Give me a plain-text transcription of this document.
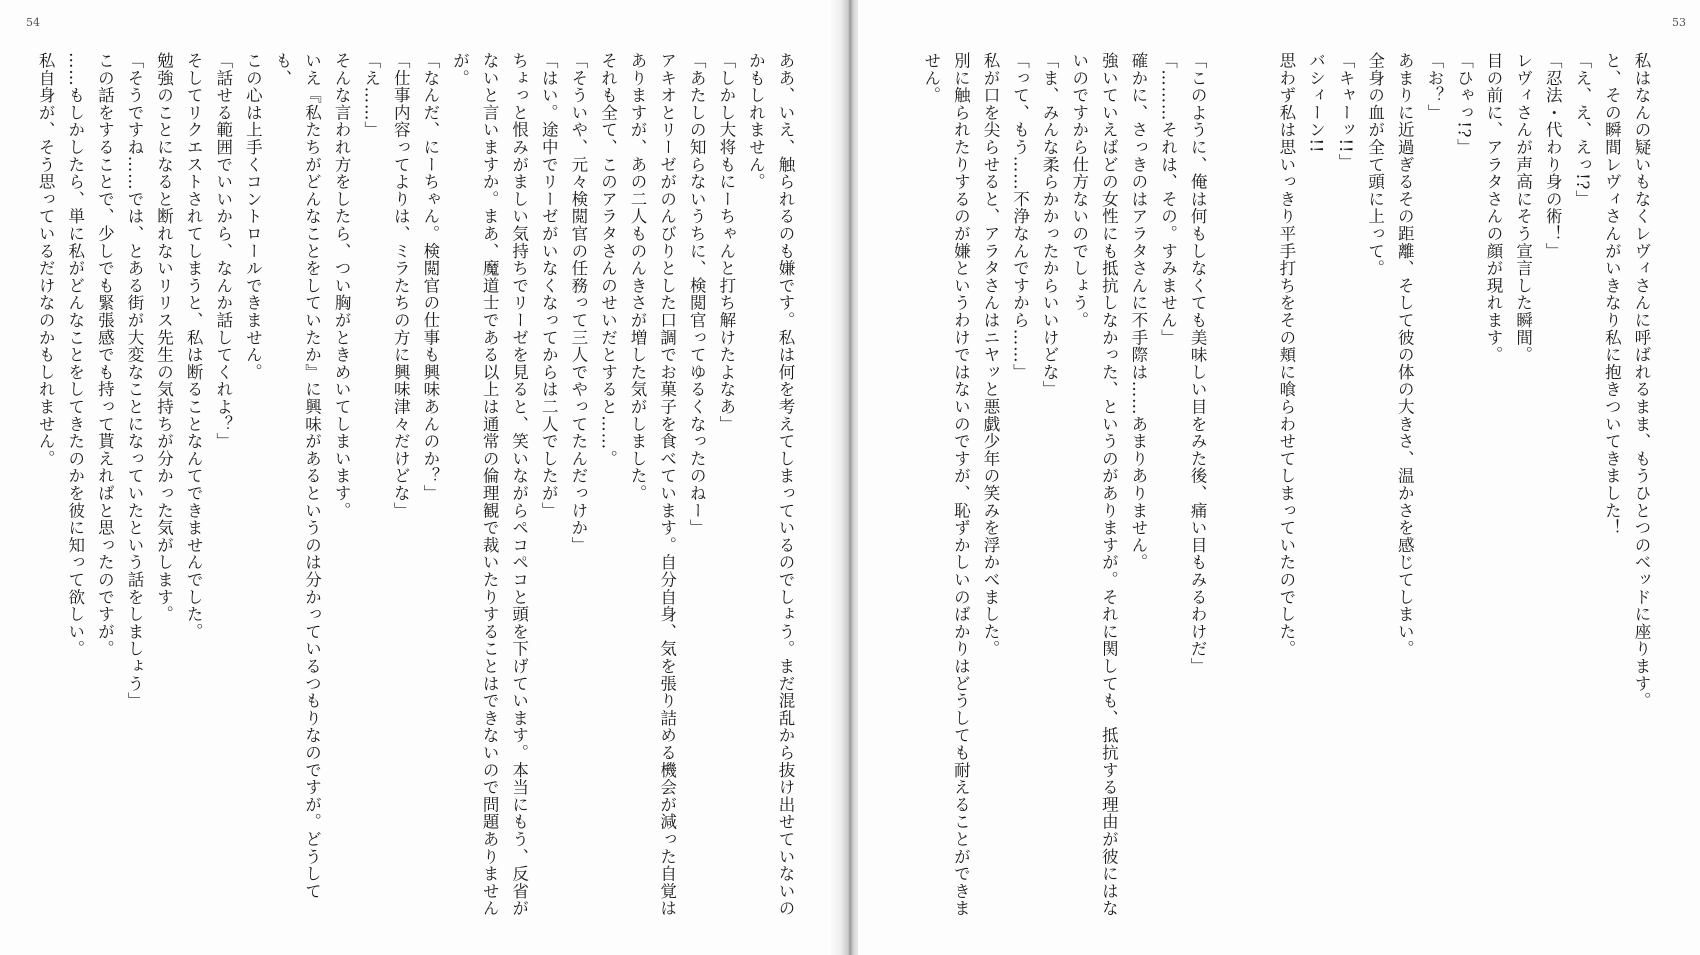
54
ああ、いえ、触られるのも嫌です。私は何を考えてしまっているのでしょう。まだ混乱から抜け出せていないの
かもしれません。
「しかし大将もにーちゃんと打ち解けたよなあ」
「あたしの知らないうちに、検閲官ってゆるくなったのねー」
アキオとリーゼがのんびりとした口調でお菓子を食べています。自分自身、気を張り詰める機会が減った自覚は
ありますが、あの二人ものんきさが増した気がしました。
それも全て、このアラタさんのせいだとすると……。
「そういや、元々検閲官の任務って三人でやってたんだっけか」
「はい。途中でリーゼがいなくなってからは二人でしたが」
ちょっと恨みがましい気持ちでリーゼを見ると、笑いながらペコペコと頭を下げています。本当にもう、反省が
ないと言いますか。まあ、魔道士である以上は通常の倫理観で裁いたりすることはできないので問題ありませんが。
「なんだ、にーちゃん。検閲官の仕事も興味あんのか？」
「仕事内容ってよりは、ミラたちの方に興味津々だけどな」
「え……」
そんな言われ方をしたら、つい胸がときめいてしまいます。
いえ『私たちがどんなことをしていたか』に興味があるというのは分かっているつもりなのですが。どうしても、
この心は上手くコントロールできません。
「話せる範囲でいいから、なんか話してくれよ？」
そしてリクエストされてしまうと、私は断ることなんてできませんでした。
勉強のことになると断れないリリス先生の気持ちが分かった気がします。
「そうですね……では、とある街が大変なことになっていたという話をしましょう」
この話をすることで、少しでも緊張感でも持って貰えればと思ったのですが。
……もしかしたら、単に私がどんなことをしてきたのかを彼に知って欲しい。
私自身が、そう思っているだけなのかもしれません。
53
私はなんの疑いもなくレヴィさんに呼ばれるまま、もうひとつのベッドに座ります。
と、その瞬間レヴィさんがいきなり私に抱きついてきました！
「え、え、えっ!?」
「忍法・代わり身の術！」
レヴィさんが声高にそう宣言した瞬間。
目の前に、アラタさんの顔が現れます。
「ひゃっ!?」
「お？」
あまりに近過ぎるその距離、そして彼の体の大きさ、温かさを感じてしまい。
全身の血が全て頭に上って。
「キャーッ!!」
バシィーン!!
思わず私は思いっきり平手打ちをその頬に喰らわせてしまっていたのでした。

「このように、俺は何もしなくても美味しい目をみた後、痛い目もみるわけだ」
「………それは、その。すみません」
確かに、さっきのはアラタさんに不手際は……あまりありません。
強いていえばどの女性にも抵抗しなかった、というのがありますが。それに関しても、抵抗する理由が彼にはな
いのですから仕方ないのでしょう。
「ま、みんな柔らかかったからいいけどな」
「って、もう……不浄なんですから……」
私が口を尖らせると、アラタさんはニヤッと悪戯少年の笑みを浮かべました。
別に触られたりするのが嫌というわけではないのですが、恥ずかしいのばかりはどうしても耐えることができま
せん。
